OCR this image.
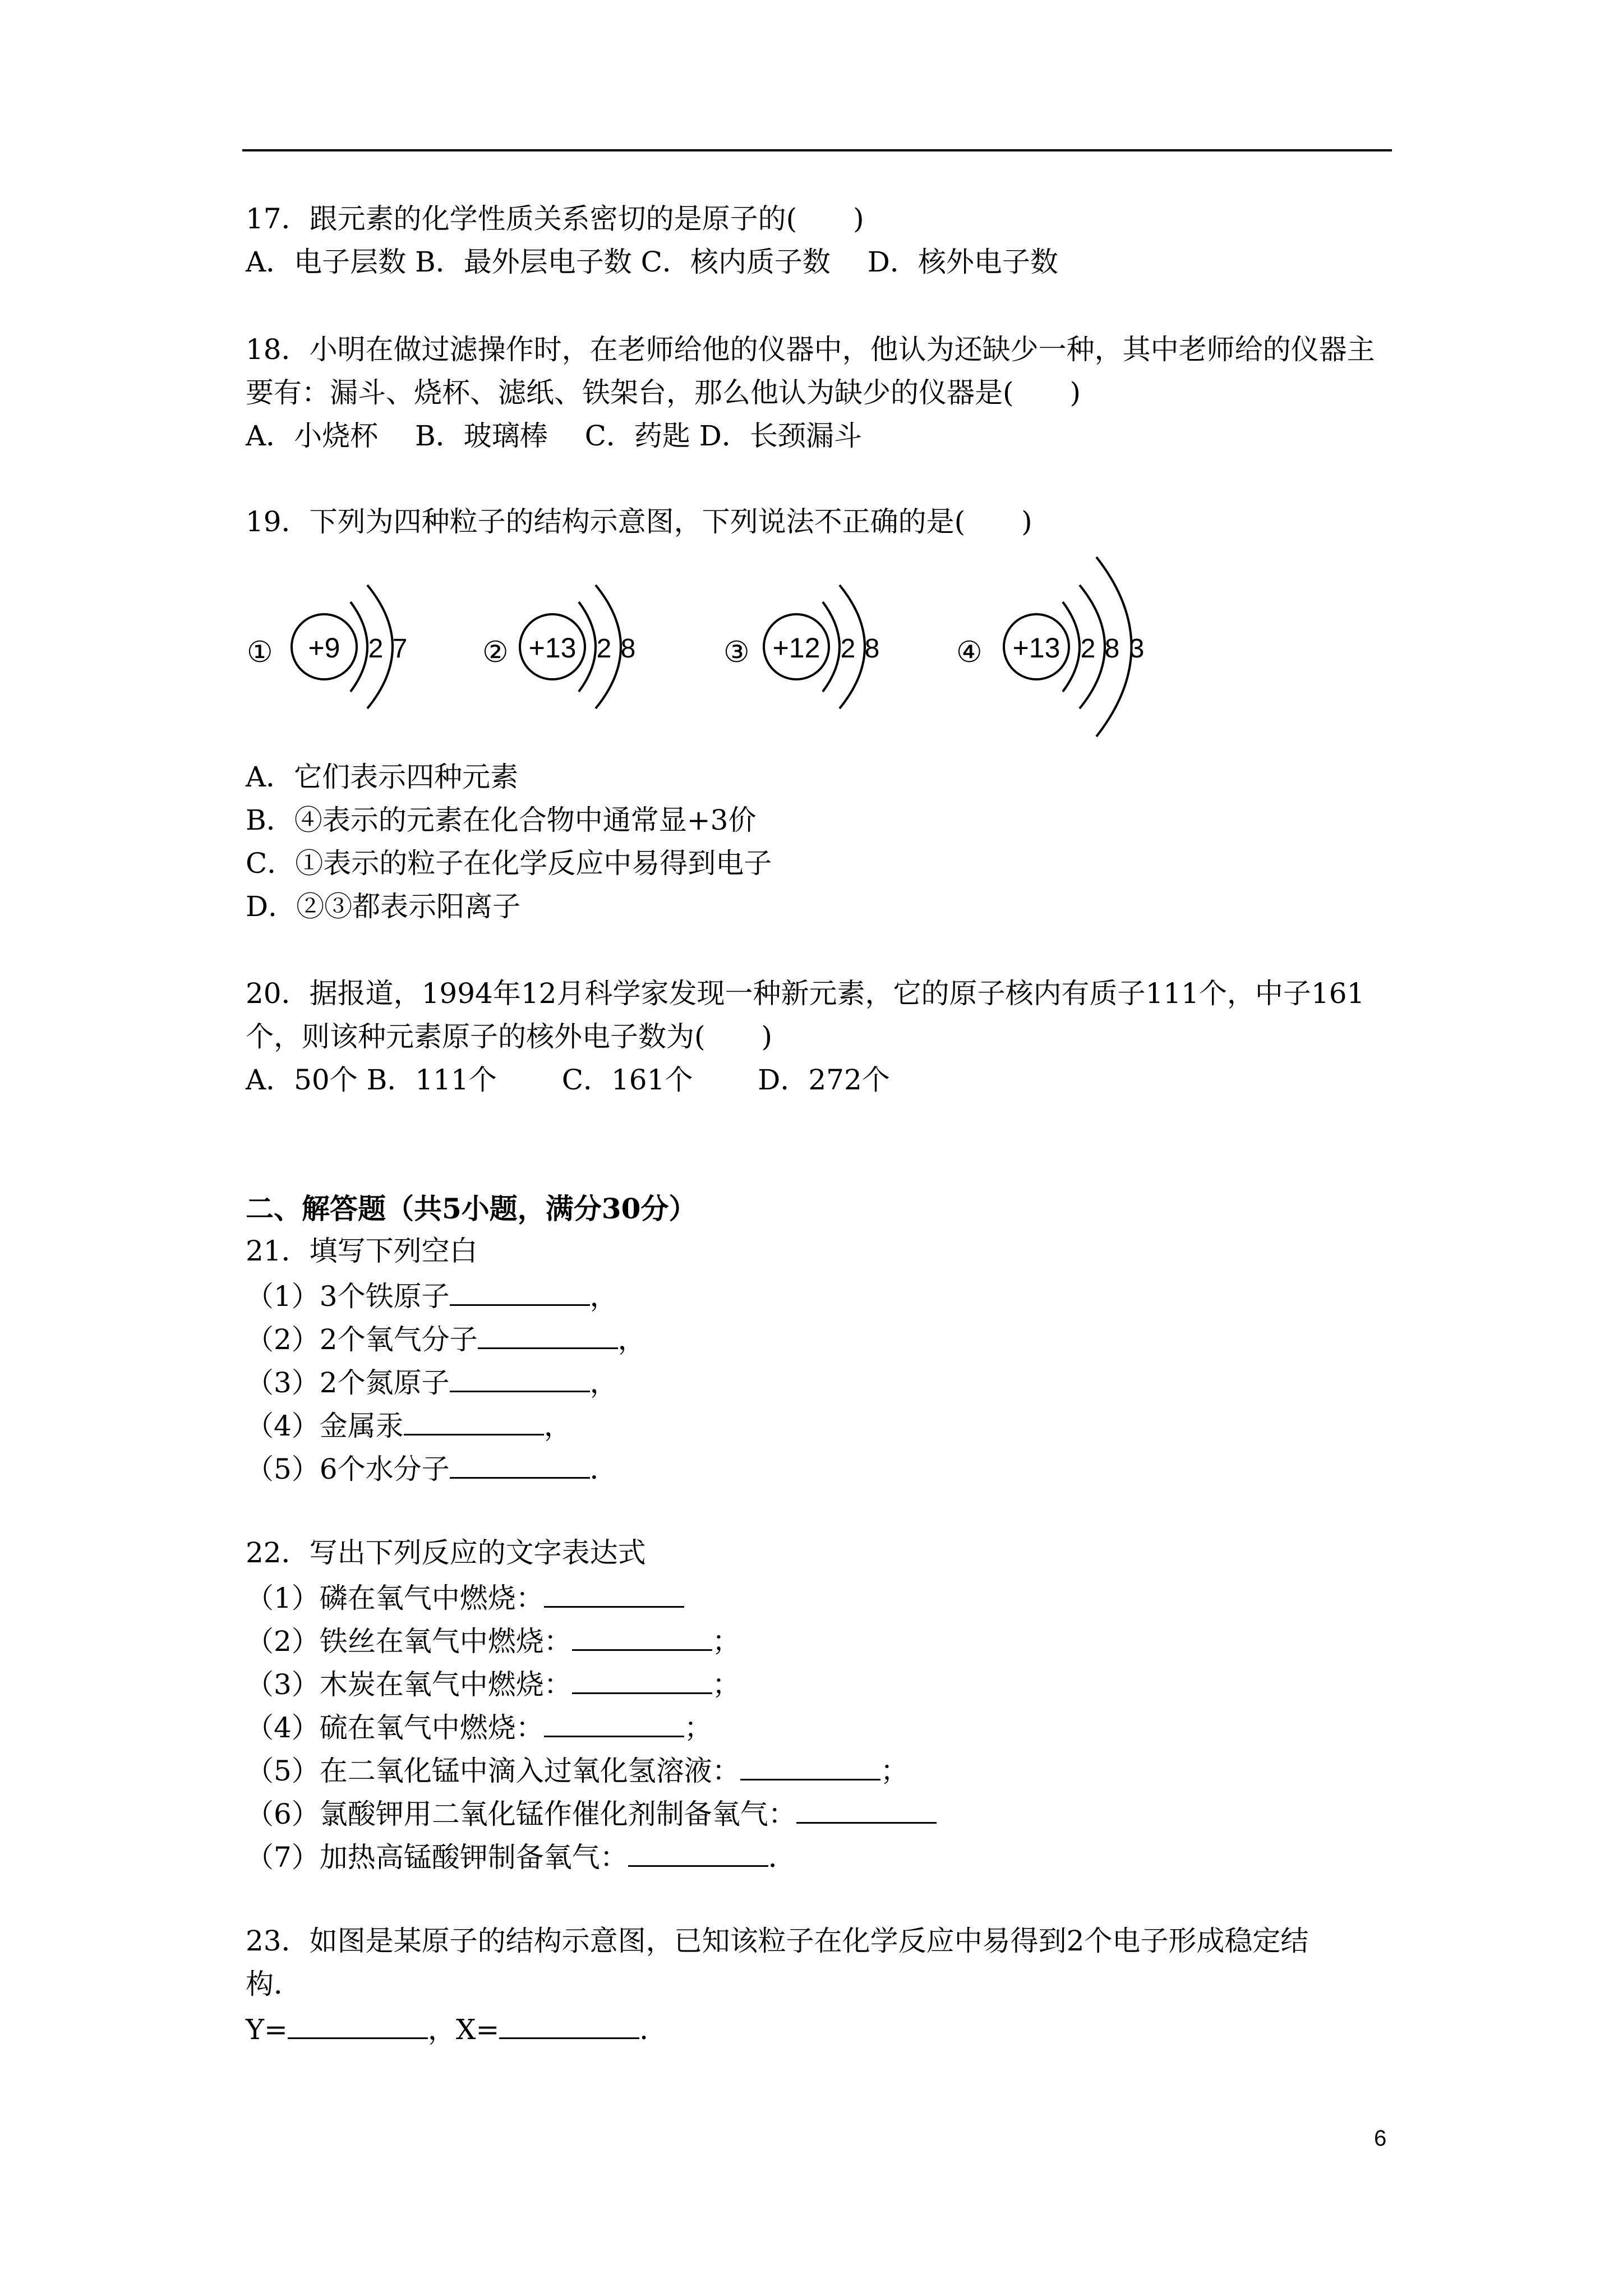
17．跟元素的化学性质关系密切的是原子的(　　)
A．电子层数 B．最外层电子数 C．核内质子数　 D．核外电子数
18．小明在做过滤操作时，在老师给他的仪器中，他认为还缺少一种，其中老师给的仪器主
要有：漏斗、烧杯、滤纸、铁架台，那么他认为缺少的仪器是(　　)
A．小烧杯　 B．玻璃棒　 C．药匙 D．长颈漏斗
19．下列为四种粒子的结构示意图，下列说法不正确的是(　　)
① +9 2 7	② +13 2 8	③ +12 2 8	④ +13 2 8 3
A．它们表示四种元素
B．④表示的元素在化合物中通常显+3价
C．①表示的粒子在化学反应中易得到电子
D．②③都表示阳离子
20．据报道，1994年12月科学家发现一种新元素，它的原子核内有质子111个，中子161
个，则该种元素原子的核外电子数为(　　)
A．50个 B．111个　　 C．161个　　 D．272个
二、解答题（共5小题，满分30分）
21．填写下列空白
（1）3个铁原子	，
（2）2个氧气分子	，
（3）2个氮原子	，
（4）金属汞	，
（5）6个水分子	．
22．写出下列反应的文字表达式
（1）磷在氧气中燃烧：
（2）铁丝在氧气中燃烧：	；
（3）木炭在氧气中燃烧：	；
（4）硫在氧气中燃烧：	；
（5）在二氧化锰中滴入过氧化氢溶液：	；
（6）氯酸钾用二氧化锰作催化剂制备氧气：
（7）加热高锰酸钾制备氧气：	．
23．如图是某原子的结构示意图，已知该粒子在化学反应中易得到2个电子形成稳定结
构．
Y=	，X=	．
6
